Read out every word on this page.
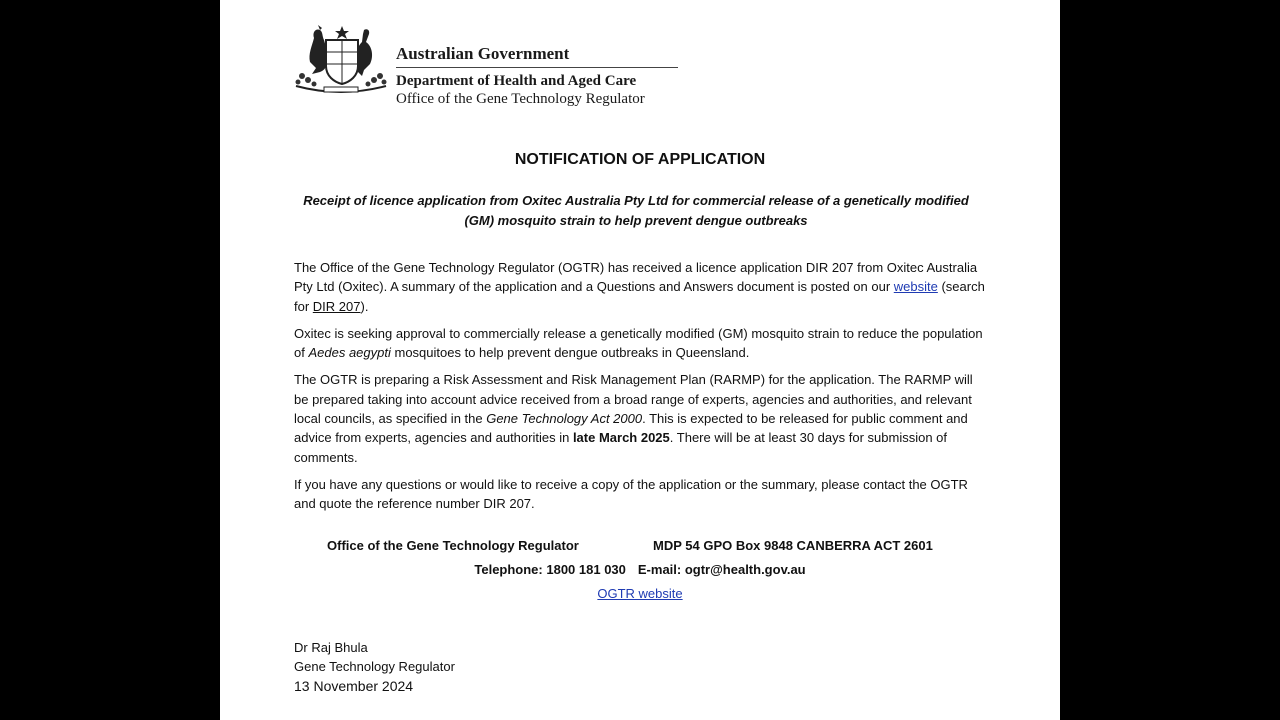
Australian Government
Department of Health and Aged Care
Office of the Gene Technology Regulator
NOTIFICATION OF APPLICATION
Receipt of licence application from Oxitec Australia Pty Ltd for commercial release of a genetically modified (GM) mosquito strain to help prevent dengue outbreaks

The Office of the Gene Technology Regulator (OGTR) has received a licence application DIR 207 from Oxitec Australia Pty Ltd (Oxitec). A summary of the application and a Questions and Answers document is posted on our website (search for DIR 207).

Oxitec is seeking approval to commercially release a genetically modified (GM) mosquito strain to reduce the population of Aedes aegypti mosquitoes to help prevent dengue outbreaks in Queensland.

The OGTR is preparing a Risk Assessment and Risk Management Plan (RARMP) for the application. The RARMP will be prepared taking into account advice received from a broad range of experts, agencies and authorities, and relevant local councils, as specified in the Gene Technology Act 2000. This is expected to be released for public comment and advice from experts, agencies and authorities in late March 2025. There will be at least 30 days for submission of comments.

If you have any questions or would like to receive a copy of the application or the summary, please contact the OGTR and quote the reference number DIR 207.

Office of the Gene Technology Regulator	MDP 54 GPO Box 9848 CANBERRA ACT 2601
Telephone: 1800 181 030 E-mail: ogtr@health.gov.au
OGTR website
Dr Raj Bhula
Gene Technology Regulator
13 November 2024
